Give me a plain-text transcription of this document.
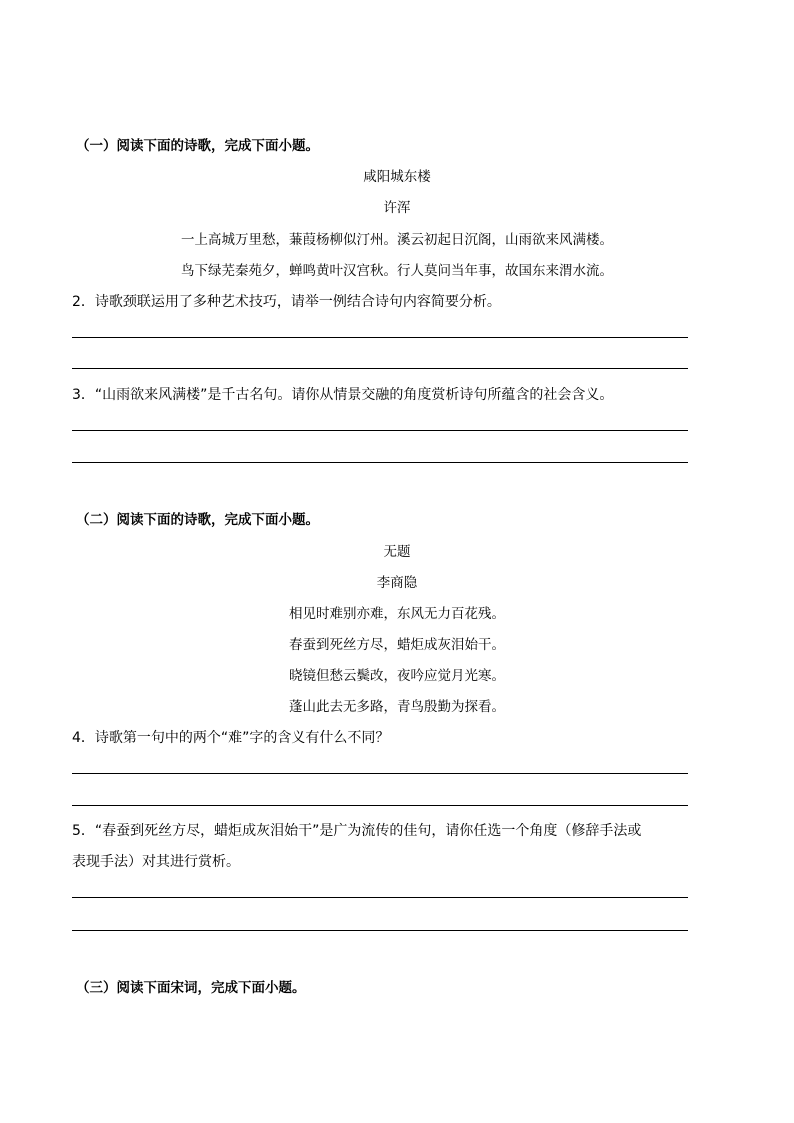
（一）阅读下面的诗歌，完成下面小题。
咸阳城东楼
许浑
一上高城万里愁，蒹葭杨柳似汀州。溪云初起日沉阁，山雨欲来风满楼。
鸟下绿芜秦苑夕，蝉鸣黄叶汉宫秋。行人莫问当年事，故国东来渭水流。
2．诗歌颈联运用了多种艺术技巧，请举一例结合诗句内容简要分析。
3．“山雨欲来风满楼”是千古名句。请你从情景交融的角度赏析诗句所蕴含的社会含义。
（二）阅读下面的诗歌，完成下面小题。
无题
李商隐
相见时难别亦难，东风无力百花残。
春蚕到死丝方尽，蜡炬成灰泪始干。
晓镜但愁云鬓改，夜吟应觉月光寒。
蓬山此去无多路，青鸟殷勤为探看。
4．诗歌第一句中的两个“难”字的含义有什么不同？
5．“春蚕到死丝方尽，蜡炬成灰泪始干”是广为流传的佳句，请你任选一个角度（修辞手法或
表现手法）对其进行赏析。
（三）阅读下面宋词，完成下面小题。
